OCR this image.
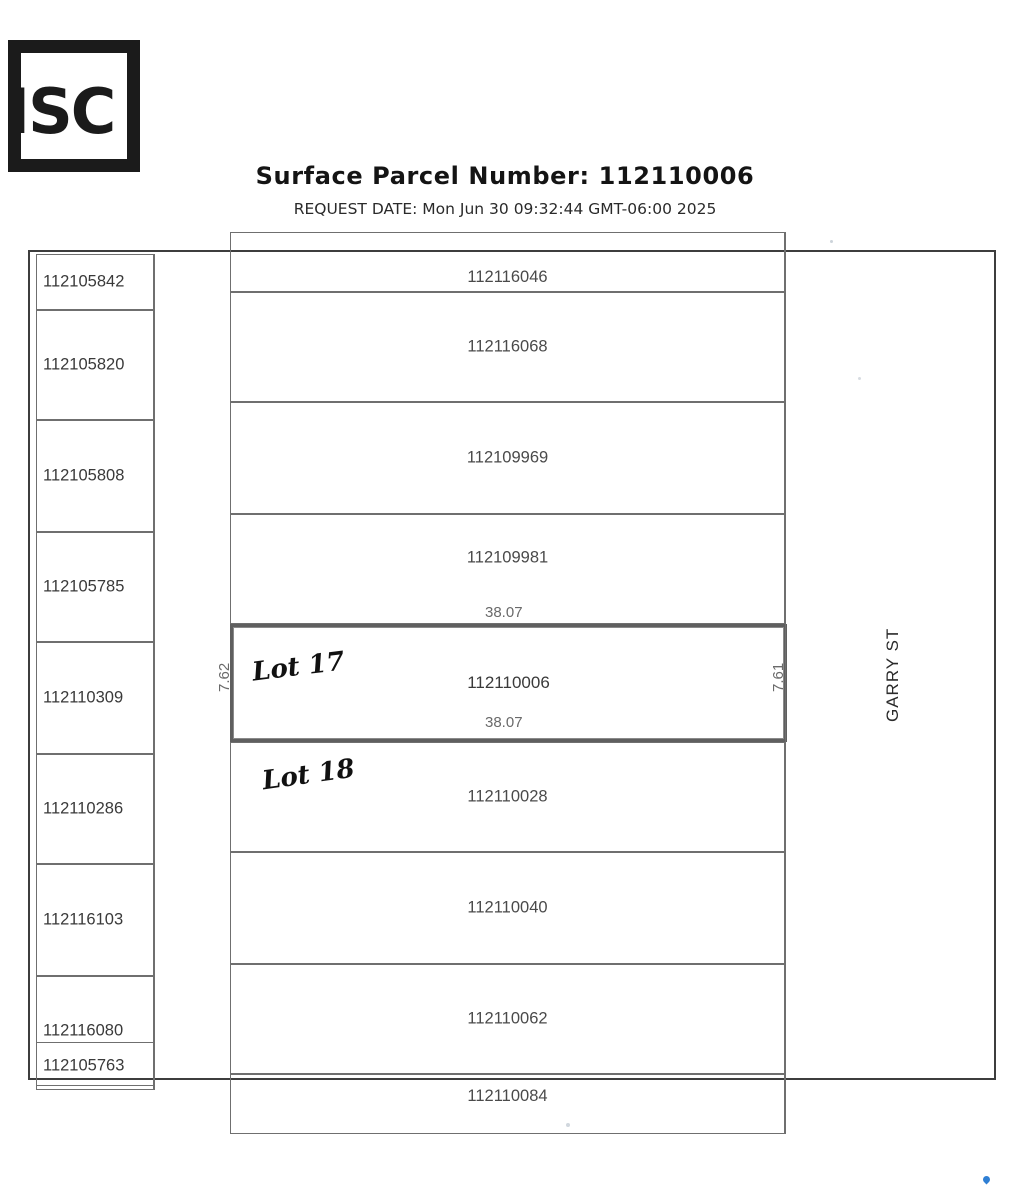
ISC
Surface Parcel Number: 112110006
REQUEST DATE: Mon Jun 30 09:32:44 GMT-06:00 2025
112105842
112105820
112105808
112105785
112110309
112110286
112116103
112116080
112105763
112116046
112116068
112109969
112109981
112110006
112110028
112110040
112110062
112110084
38.07
38.07
7.62	7.61	GARRY ST
Lot 17
Lot 18
